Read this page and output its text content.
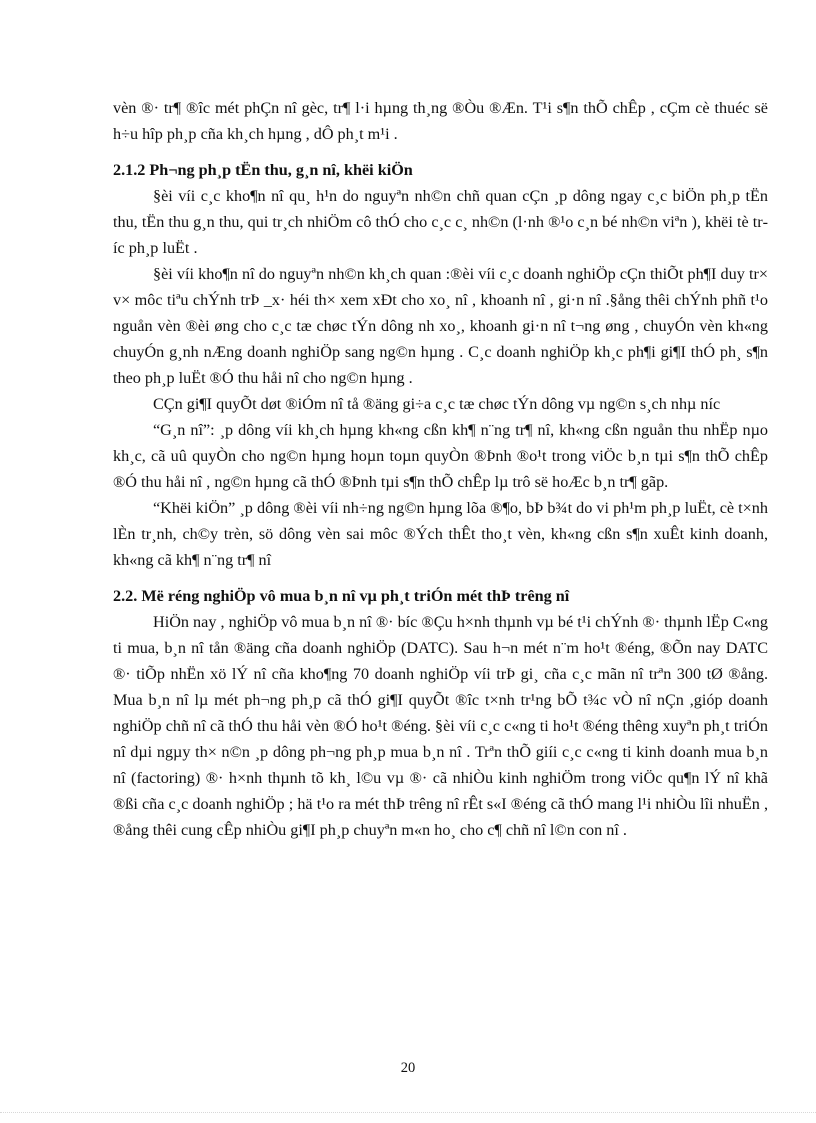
vèn ®· tr¶ ®îc mét phÇn nî gèc, tr¶ l·i hµng th¸ng ®Òu ®Æn. T¹i s¶n thÕ chÊp , cÇm cè thuéc së h÷u hîp ph¸p cña kh¸ch hµng , dÔ ph¸t m¹i .

2.1.2 Ph¬ng ph¸p tËn thu, g¸n nî, khëi kiÖn

§èi víi c¸c kho¶n nî qu¸ h¹n do nguyªn nh©n chñ quan cÇn ¸p dông ngay c¸c biÖn ph¸p tËn thu, tËn thu g¸n thu, qui tr¸ch nhiÖm cô thÓ cho c¸c c¸ nh©n (l·nh ®¹o c¸n bé nh©n viªn ), khëi tè tríc ph¸p luËt .

§èi víi kho¶n nî do nguyªn nh©n kh¸ch quan :®èi víi c¸c doanh nghiÖp cÇn thiÕt ph¶I duy tr× v× môc tiªu chÝnh trÞ _x· héi th× xem xÐt cho xo¸ nî , khoanh nî , gi·n nî .§ång thêi chÝnh phñ t¹o nguån vèn ®èi øng cho c¸c tæ chøc tÝn dông nh xo¸, khoanh gi·n nî t¬ng øng , chuyÓn vèn kh«ng chuyÓn g¸nh nÆng doanh nghiÖp sang ng©n hµng . C¸c doanh nghiÖp kh¸c ph¶i gi¶I thÓ ph¸ s¶n theo ph¸p luËt ®Ó thu håi nî cho ng©n hµng .

CÇn gi¶I quyÕt døt ®iÓm nî tå ®äng gi÷a c¸c tæ chøc tÝn dông vµ ng©n s¸ch nhµ níc

“G¸n nî”: ¸p dông víi kh¸ch hµng kh«ng cßn kh¶ n¨ng tr¶ nî, kh«ng cßn nguån thu nhËp nµo kh¸c, cã uû quyÒn cho ng©n hµng hoµn toµn quyÒn ®Þnh ®o¹t trong viÖc b¸n tµi s¶n thÕ chÊp ®Ó thu håi nî , ng©n hµng cã thÓ ®Þnh tµi s¶n thÕ chÊp lµ trô së hoÆc b¸n tr¶ gãp.

“Khëi kiÖn” ¸p dông ®èi víi nh÷ng ng©n hµng lõa ®¶o, bÞ b¾t do vi ph¹m ph¸p luËt, cè t×nh lÈn tr¸nh, ch©y trèn, sö dông vèn sai môc ®Ých thÊt tho¸t vèn, kh«ng cßn s¶n xuÊt kinh doanh, kh«ng cã kh¶ n¨ng tr¶ nî

2.2. Më réng nghiÖp vô mua b¸n nî vµ ph¸t triÓn mét thÞ trêng nî

HiÖn nay , nghiÖp vô mua b¸n nî ®· bíc ®Çu h×nh thµnh vµ bé t¹i chÝnh ®· thµnh lËp C«ng ti mua, b¸n nî tån ®äng cña doanh nghiÖp (DATC). Sau h¬n mét n¨m ho¹t ®éng, ®Õn nay DATC ®· tiÕp nhËn xö lÝ nî cña kho¶ng 70 doanh nghiÖp víi trÞ gi¸ cña c¸c mãn nî trªn 300 tØ ®ång. Mua b¸n nî lµ mét ph¬ng ph¸p cã thÓ gi¶I quyÕt ®îc t×nh tr¹ng bÕ t¾c vÒ nî nÇn ,gióp doanh nghiÖp chñ nî cã thÓ thu håi vèn ®Ó ho¹t ®éng. §èi víi c¸c c«ng ti ho¹t ®éng thêng xuyªn ph¸t triÓn nî dµi ngµy th× n©n ¸p dông ph¬ng ph¸p mua b¸n nî . Trªn thÕ giíi c¸c c«ng ti kinh doanh mua b¸n nî (factoring) ®· h×nh thµnh tõ kh¸ l©u vµ ®· cã nhiÒu kinh nghiÖm trong viÖc qu¶n lÝ nî khã ®ßi cña c¸c doanh nghiÖp ; hä t¹o ra mét thÞ trêng nî rÊt s«I ®éng cã thÓ mang l¹i nhiÒu lîi nhuËn , ®ång thêi cung cÊp nhiÒu gi¶I ph¸p chuyªn m«n ho¸ cho c¶ chñ nî l©n con nî .

20
